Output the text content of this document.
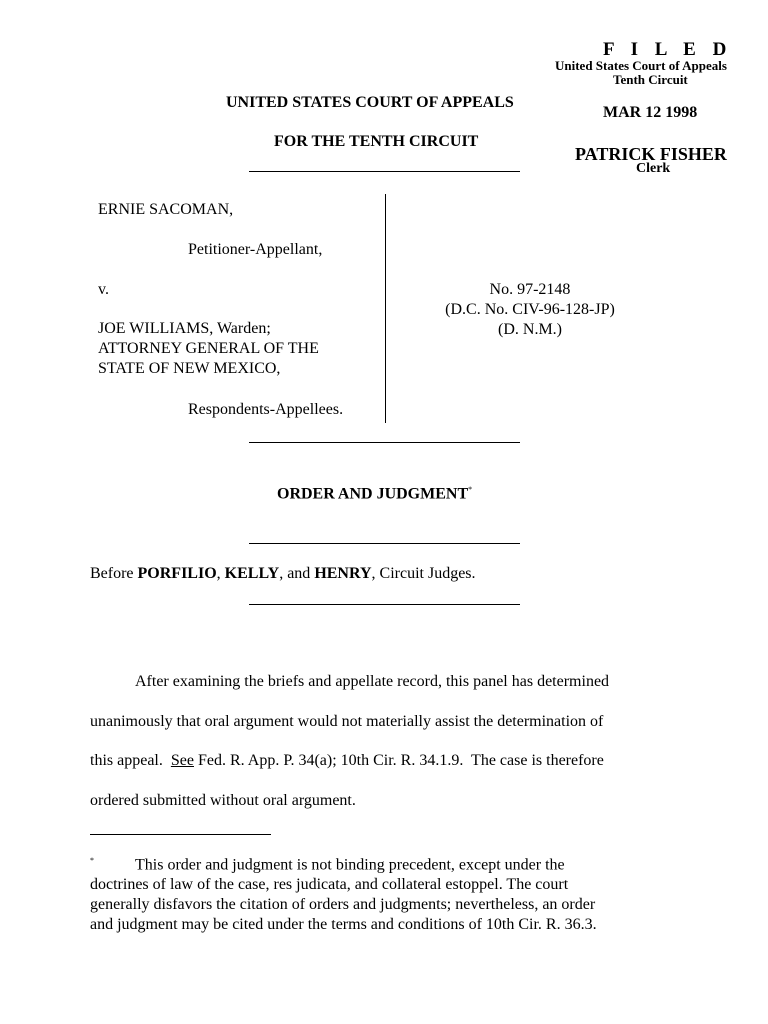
F I L E D
United States Court of Appeals
Tenth Circuit
MAR 12 1998
PATRICK FISHER
Clerk
UNITED STATES COURT OF APPEALS
FOR THE TENTH CIRCUIT
ERNIE SACOMAN,
Petitioner-Appellant,
v.
JOE WILLIAMS, Warden;
ATTORNEY GENERAL OF THE
STATE OF NEW MEXICO,
Respondents-Appellees.
No. 97-2148
(D.C. No. CIV-96-128-JP)
(D. N.M.)
ORDER AND JUDGMENT*
Before PORFILIO, KELLY, and HENRY, Circuit Judges.

After examining the briefs and appellate record, this panel has determined

unanimously that oral argument would not materially assist the determination of

this appeal.  See Fed. R. App. P. 34(a); 10th Cir. R. 34.1.9.  The case is therefore

ordered submitted without oral argument.

*	This order and judgment is not binding precedent, except under the
doctrines of law of the case, res judicata, and collateral estoppel. The court
generally disfavors the citation of orders and judgments; nevertheless, an order
and judgment may be cited under the terms and conditions of 10th Cir. R. 36.3.
